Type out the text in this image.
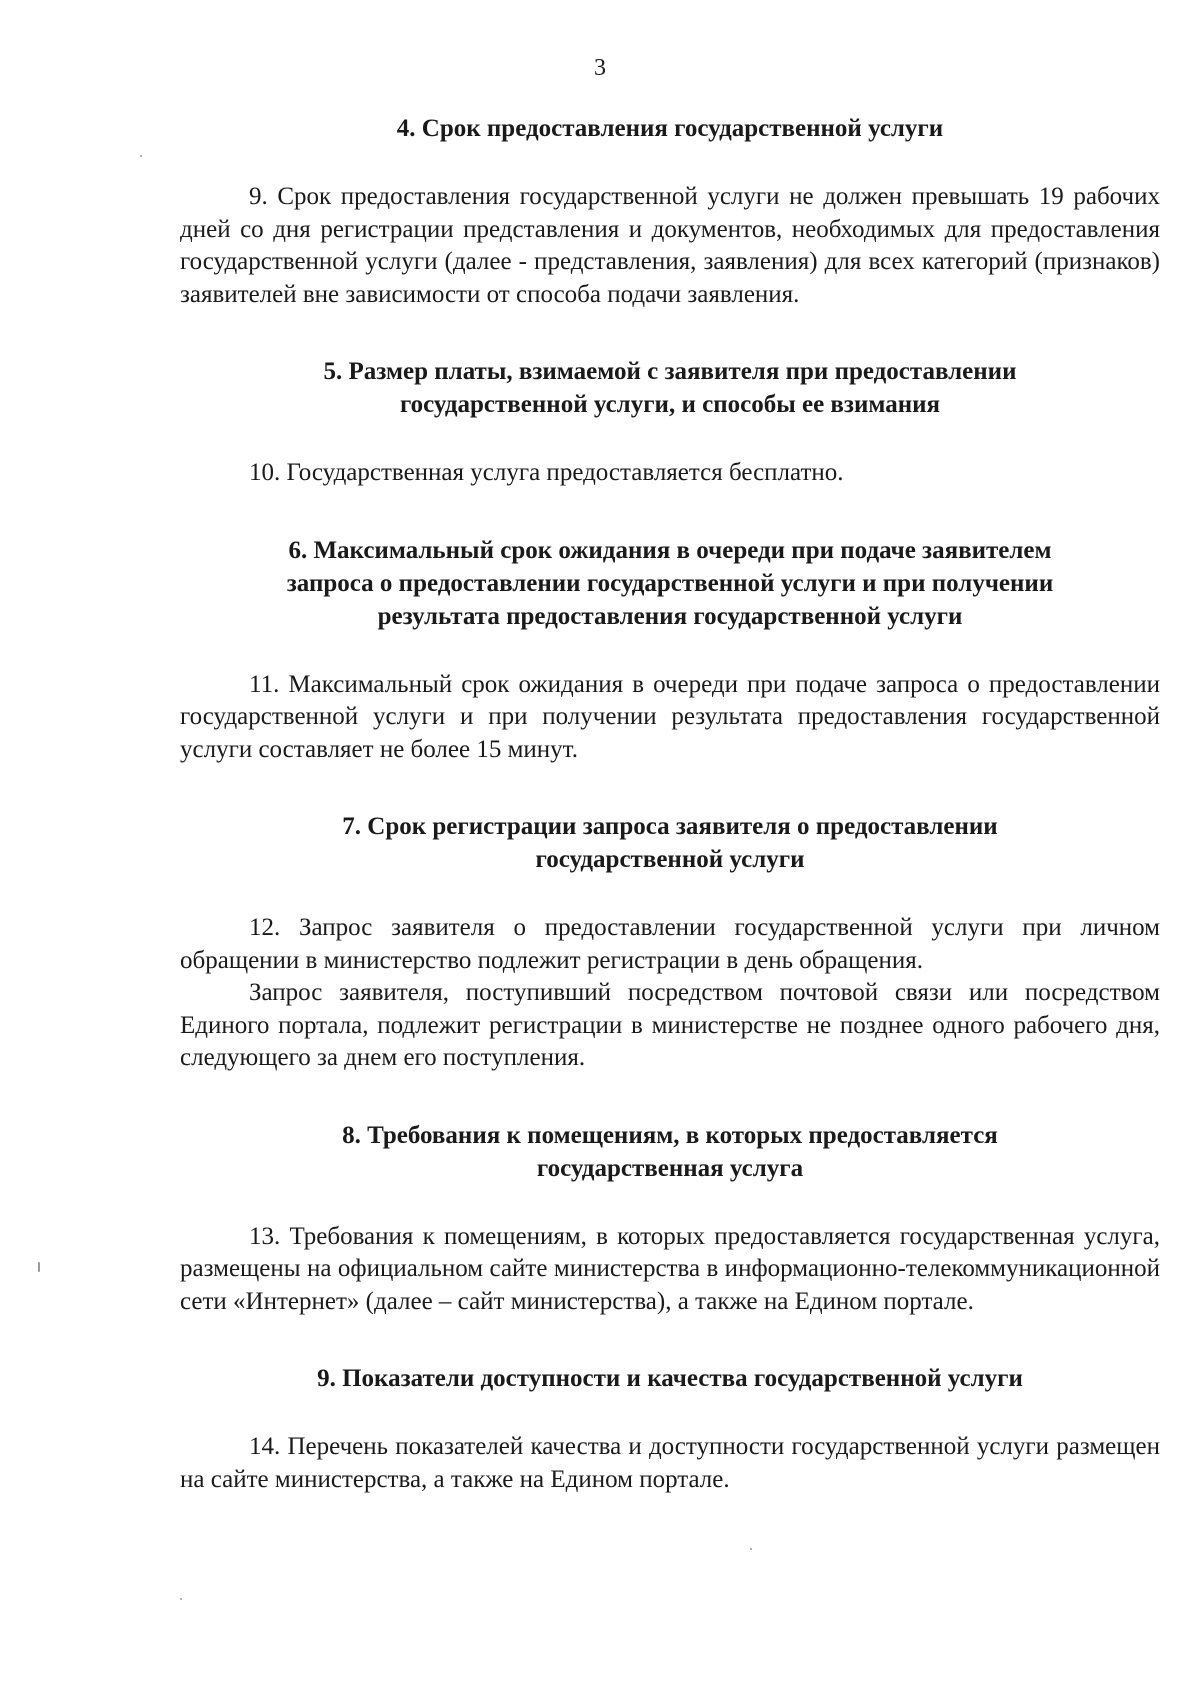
3
4. Срок предоставления государственной услуги

9. Срок предоставления государственной услуги не должен превышать 19 рабочих дней со дня регистрации представления и документов, необходимых для предоставления государственной услуги (далее - представления, заявления) для всех категорий (признаков) заявителей вне зависимости от способа подачи заявления.

5. Размер платы, взимаемой с заявителя при предоставлении
государственной услуги, и способы ее взимания

10. Государственная услуга предоставляется бесплатно.

6. Максимальный срок ожидания в очереди при подаче заявителем
запроса о предоставлении государственной услуги и при получении
результата предоставления государственной услуги

11. Максимальный срок ожидания в очереди при подаче запроса о предоставлении государственной услуги и при получении результата предоставления государственной услуги составляет не более 15 минут.

7. Срок регистрации запроса заявителя о предоставлении
государственной услуги

12. Запрос заявителя о предоставлении государственной услуги при личном обращении в министерство подлежит регистрации в день обращения.

Запрос заявителя, поступивший посредством почтовой связи или посредством Единого портала, подлежит регистрации в министерстве не позднее одного рабочего дня, следующего за днем его поступления.

8. Требования к помещениям, в которых предоставляется
государственная услуга

13. Требования к помещениям, в которых предоставляется государственная услуга, размещены на официальном сайте министерства в информационно-телекоммуникационной сети «Интернет» (далее – сайт министерства), а также на Едином портале.

9. Показатели доступности и качества государственной услуги

14. Перечень показателей качества и доступности государственной услуги размещен на сайте министерства, а также на Едином портале.
